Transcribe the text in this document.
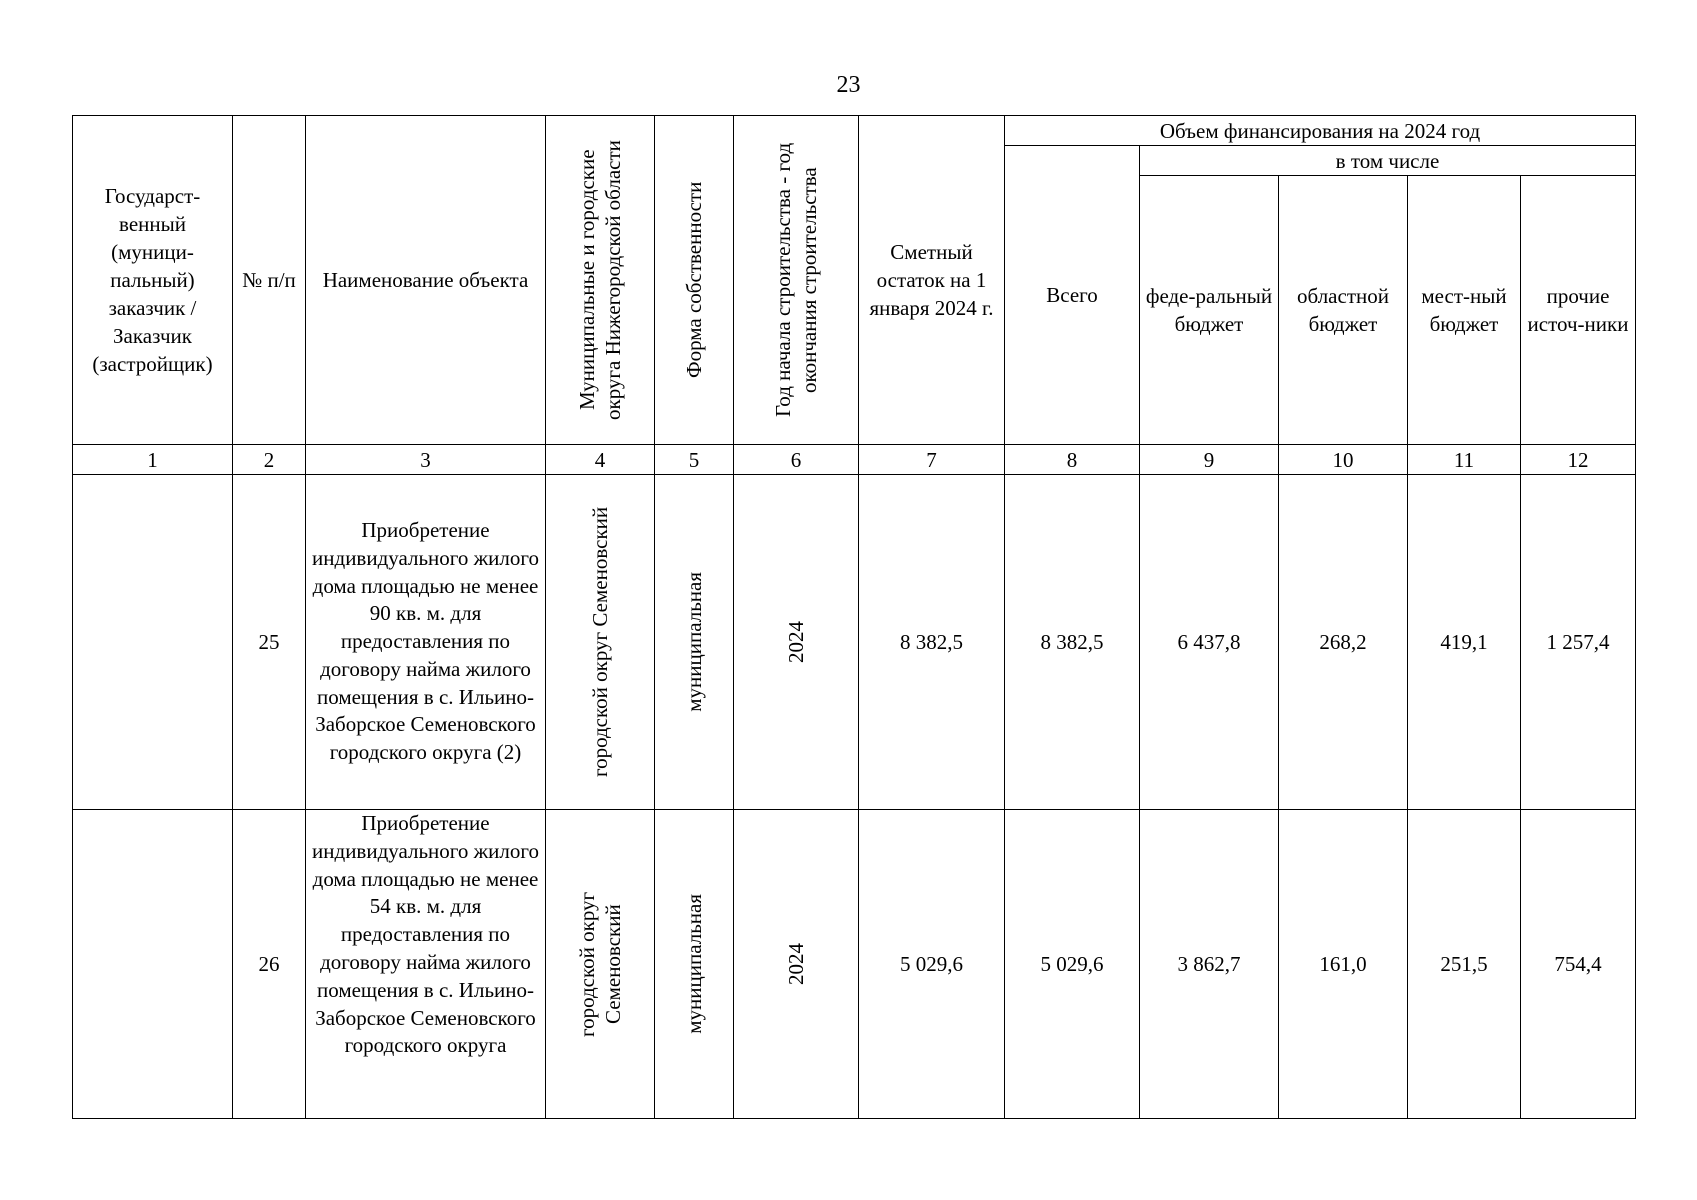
23
Государст-венный (муници-пальный) заказчик / Заказчик (застройщик)	№ п/п	Наименование объекта	Муниципальные и городские округа Нижегородской области	Форма собственности	Год начала строительства - год окончания строительства	Сметный остаток на 1 января 2024 г.	Объем финансирования на 2024 год				
							Всего	в том числе			

								феде-ральный бюджет	областной бюджет	мест-ный бюджет	прочие источ-ники

1	2	3	4	5	6	7	8	9	10	11	12
	25	Приобретение индивидуального жилого дома площадью не менее 90 кв. м. для предоставления по договору найма жилого помещения в с. Ильино-Заборское Семеновского городского округа (2)	городской округ Семеновский	муниципальная	2024	8 382,5	8 382,5	6 437,8	268,2	419,1	1 257,4
	26	Приобретение индивидуального жилого дома площадью не менее 54 кв. м. для предоставления по договору найма жилого помещения в с. Ильино-Заборское Семеновского городского округа	городской округ Семеновский	муниципальная	2024	5 029,6	5 029,6	3 862,7	161,0	251,5	754,4
